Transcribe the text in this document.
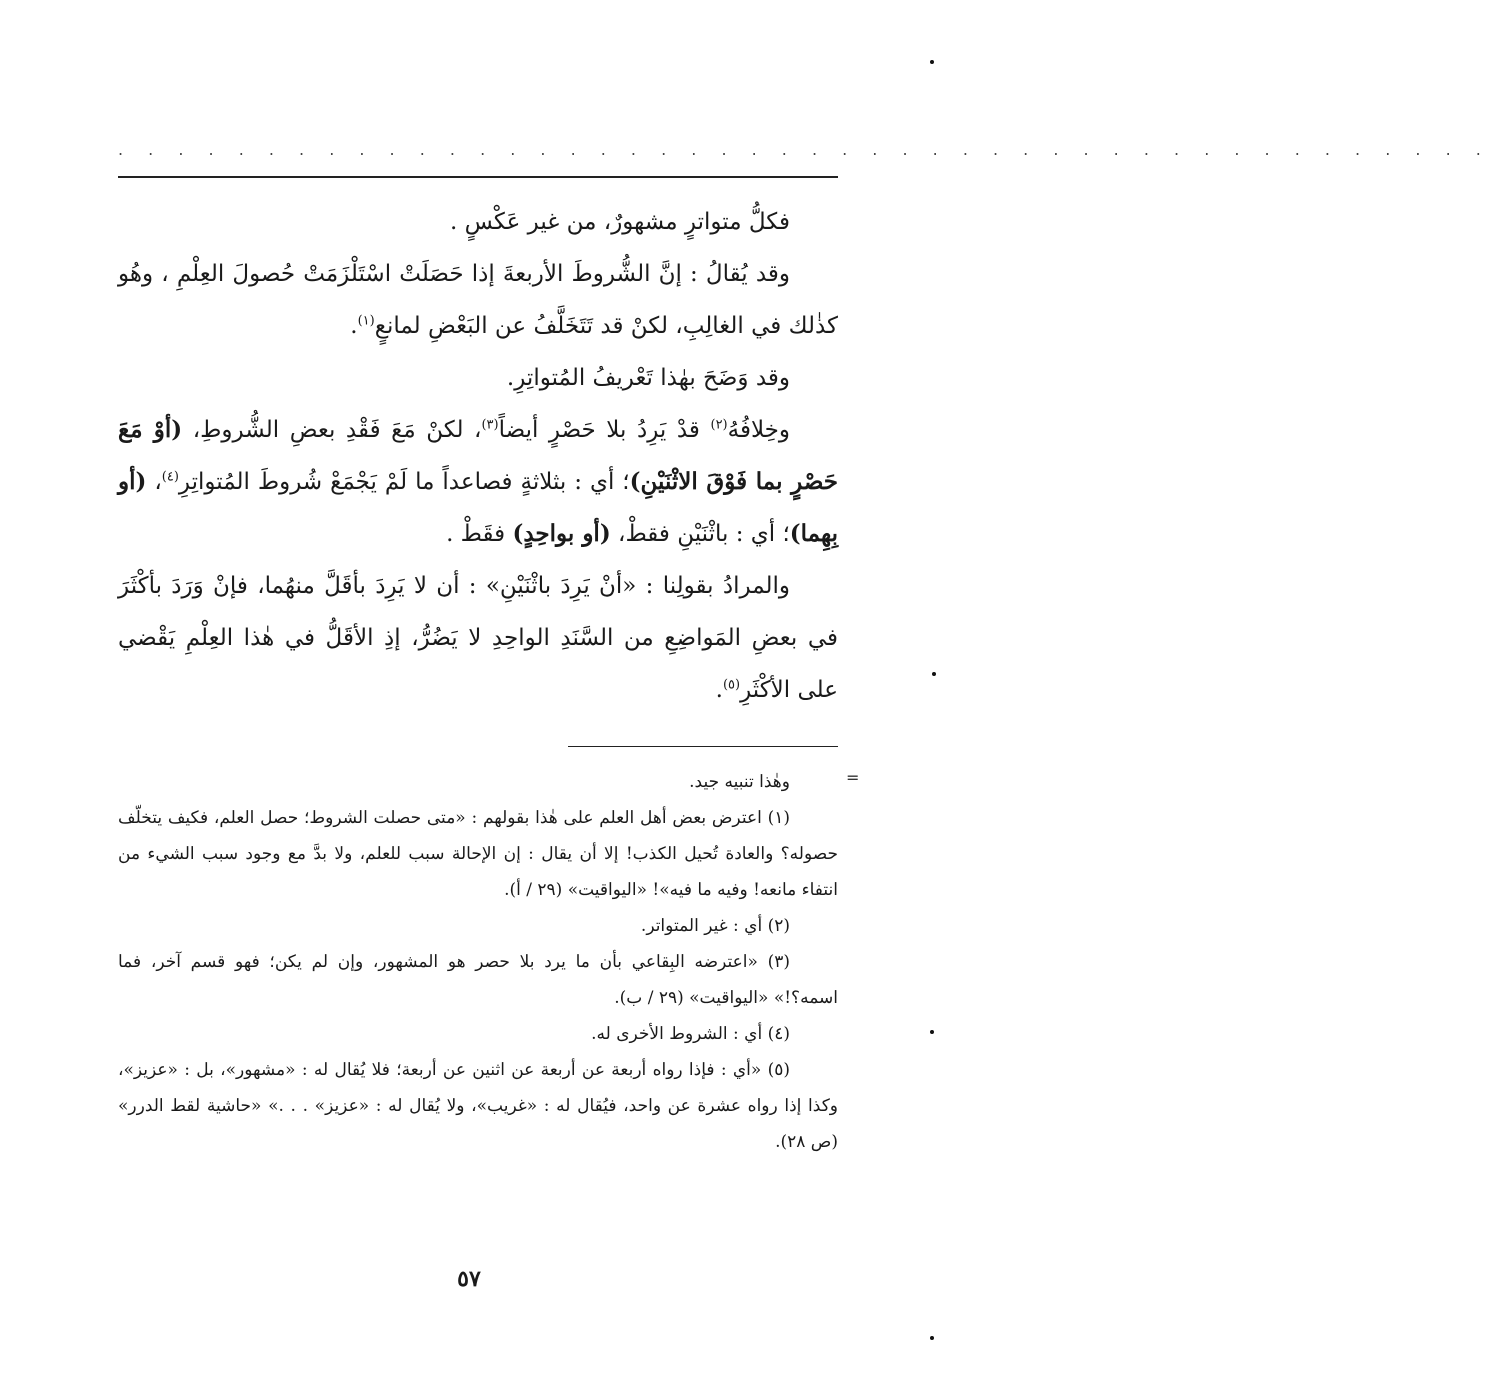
. . . . . . . . . . . . . . . . . . . . . . . . . . . . . . . . . . . . . . . . . . . . . .

فكلُّ متواترٍ مشهورٌ، من غير عَكْسٍ .

وقد يُقالُ : إنَّ الشُّروطَ الأربعةَ إذا حَصَلَتْ اسْتَلْزَمَتْ حُصولَ العِلْمِ ، وهُو كذٰلك في الغالِبِ، لكنْ قد تَتَخَلَّفُ عن البَعْضِ لمانعٍ$^{(١)}$.

وقد وَضَحَ بهٰذا تَعْريفُ المُتواتِرِ.

وخِلافُهُ$^{(٢)}$ قدْ يَرِدُ بلا حَصْرٍ أيضاً$^{(٣)}$، لكنْ مَعَ فَقْدِ بعضِ الشُّروطِ، (أوْ مَعَ حَصْرٍ بما فَوْقَ الاثْنَيْنِ)؛ أي : بثلاثةٍ فصاعداً ما لَمْ يَجْمَعْ شُروطَ المُتواتِرِ$^{(٤)}$، (أو بِهِما)؛ أي : باثْنَيْنِ فقطْ، (أو بواحِدٍ) فقَطْ .

والمرادُ بقولِنا : «أنْ يَرِدَ باثْنَيْنِ» : أن لا يَرِدَ بأقَلَّ منهُما، فإنْ وَرَدَ بأكْثَرَ في بعضِ المَواضِعِ من السَّنَدِ الواحِدِ لا يَضُرُّ، إذِ الأقَلُّ في هٰذا العِلْمِ يَقْضي على الأكْثَرِ$^{(٥)}$.

=

وهٰذا تنبيه جيد.

(١) اعترض بعض أهل العلم على هٰذا بقولهم : «متى حصلت الشروط؛ حصل العلم، فكيف يتخلّف حصوله؟ والعادة تُحيل الكذب! إلا أن يقال : إن الإحالة سبب للعلم، ولا بدَّ مع وجود سبب الشيء من انتفاء مانعه! وفيه ما فيه»! «اليواقيت» (٢٩ / أ).

(٢) أي : غير المتواتر.

(٣) «اعترضه البِقاعي بأن ما يرد بلا حصر هو المشهور، وإن لم يكن؛ فهو قسم آخر، فما اسمه؟!» «اليواقيت» (٢٩ / ب).

(٤) أي : الشروط الأخرى له.

(٥) «أي : فإذا رواه أربعة عن أربعة عن اثنين عن أربعة؛ فلا يُقال له : «مشهور»، بل : «عزيز»، وكذا إذا رواه عشرة عن واحد، فيُقال له : «غريب»، ولا يُقال له : «عزيز» . . .» «حاشية لقط الدرر» (ص ٢٨).

٥٧
